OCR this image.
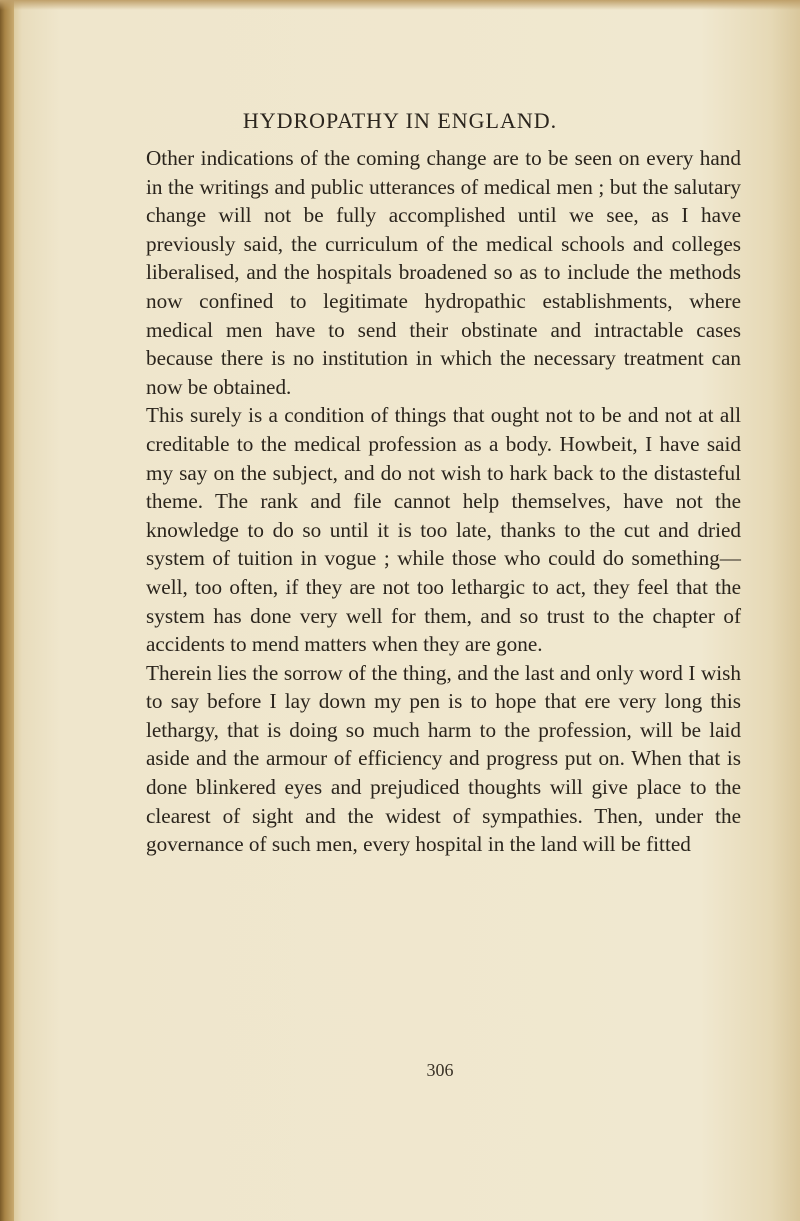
HYDROPATHY IN ENGLAND.

Other indications of the coming change are to be seen on every hand in the writings and public utterances of medical men ; but the salutary change will not be fully accomplished until we see, as I have previously said, the curriculum of the medical schools and colleges liberalised, and the hospitals broadened so as to include the methods now confined to legitimate hydropathic establishments, where medical men have to send their obstinate and intractable cases because there is no institution in which the necessary treatment can now be obtained.

This surely is a condition of things that ought not to be and not at all creditable to the medical profession as a body. Howbeit, I have said my say on the subject, and do not wish to hark back to the distasteful theme. The rank and file cannot help themselves, have not the knowledge to do so until it is too late, thanks to the cut and dried system of tuition in vogue ; while those who could do something—well, too often, if they are not too lethargic to act, they feel that the system has done very well for them, and so trust to the chapter of accidents to mend matters when they are gone.

Therein lies the sorrow of the thing, and the last and only word I wish to say before I lay down my pen is to hope that ere very long this lethargy, that is doing so much harm to the profession, will be laid aside and the armour of efficiency and progress put on. When that is done blinkered eyes and prejudiced thoughts will give place to the clearest of sight and the widest of sympathies. Then, under the governance of such men, every hospital in the land will be fitted

306
